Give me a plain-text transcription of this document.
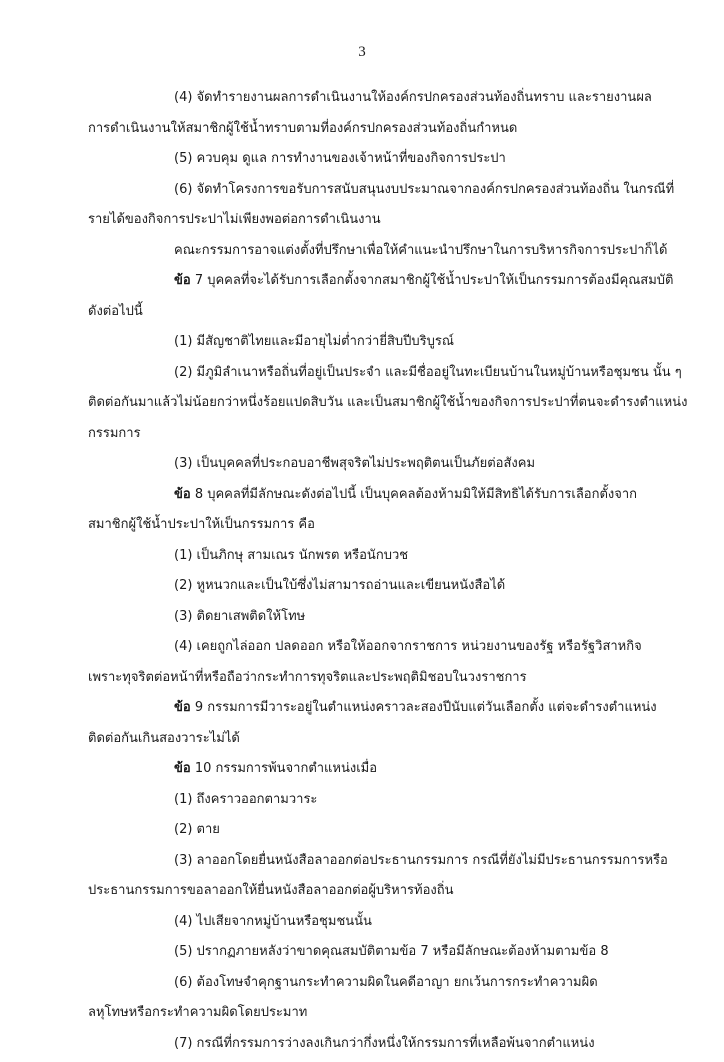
3

(4) จัดทำรายงานผลการดำเนินงานให้องค์กรปกครองส่วนท้องถิ่นทราบ และรายงานผล

การดำเนินงานให้สมาชิกผู้ใช้น้ำทราบตามที่องค์กรปกครองส่วนท้องถิ่นกำหนด

(5) ควบคุม ดูแล การทำงานของเจ้าหน้าที่ของกิจการประปา

(6) จัดทำโครงการขอรับการสนับสนุนงบประมาณจากองค์กรปกครองส่วนท้องถิ่น ในกรณีที่

รายได้ของกิจการประปาไม่เพียงพอต่อการดำเนินงาน

คณะกรรมการอาจแต่งตั้งที่ปรึกษาเพื่อให้คำแนะนำปรึกษาในการบริหารกิจการประปาก็ได้

ข้อ 7 บุคคลที่จะได้รับการเลือกตั้งจากสมาชิกผู้ใช้น้ำประปาให้เป็นกรรมการต้องมีคุณสมบัติ

ดังต่อไปนี้

(1) มีสัญชาติไทยและมีอายุไม่ต่ำกว่ายี่สิบปีบริบูรณ์

(2) มีภูมิลำเนาหรือถิ่นที่อยู่เป็นประจำ และมีชื่ออยู่ในทะเบียนบ้านในหมู่บ้านหรือชุมชน นั้น ๆ

ติดต่อกันมาแล้วไม่น้อยกว่าหนึ่งร้อยแปดสิบวัน และเป็นสมาชิกผู้ใช้น้ำของกิจการประปาที่ตนจะดำรงตำแหน่ง

กรรมการ

(3) เป็นบุคคลที่ประกอบอาชีพสุจริตไม่ประพฤติตนเป็นภัยต่อสังคม

ข้อ 8 บุคคลที่มีลักษณะดังต่อไปนี้ เป็นบุคคลต้องห้ามมิให้มีสิทธิได้รับการเลือกตั้งจาก

สมาชิกผู้ใช้น้ำประปาให้เป็นกรรมการ คือ

(1) เป็นภิกษุ สามเณร นักพรต หรือนักบวช

(2) หูหนวกและเป็นใบ้ซึ่งไม่สามารถอ่านและเขียนหนังสือได้

(3) ติดยาเสพติดให้โทษ

(4) เคยถูกไล่ออก ปลดออก หรือให้ออกจากราชการ หน่วยงานของรัฐ หรือรัฐวิสาหกิจ

เพราะทุจริตต่อหน้าที่หรือถือว่ากระทำการทุจริตและประพฤติมิชอบในวงราชการ

ข้อ 9 กรรมการมีวาระอยู่ในตำแหน่งคราวละสองปีนับแต่วันเลือกตั้ง แต่จะดำรงตำแหน่ง

ติดต่อกันเกินสองวาระไม่ได้

ข้อ 10 กรรมการพ้นจากตำแหน่งเมื่อ

(1) ถึงคราวออกตามวาระ

(2) ตาย

(3) ลาออกโดยยื่นหนังสือลาออกต่อประธานกรรมการ กรณีที่ยังไม่มีประธานกรรมการหรือ

ประธานกรรมการขอลาออกให้ยื่นหนังสือลาออกต่อผู้บริหารท้องถิ่น

(4) ไปเสียจากหมู่บ้านหรือชุมชนนั้น

(5) ปรากฏภายหลังว่าขาดคุณสมบัติตามข้อ 7 หรือมีลักษณะต้องห้ามตามข้อ 8

(6) ต้องโทษจำคุกฐานกระทำความผิดในคดีอาญา ยกเว้นการกระทำความผิด

ลหุโทษหรือกระทำความผิดโดยประมาท

(7) กรณีที่กรรมการว่างลงเกินกว่ากึ่งหนึ่งให้กรรมการที่เหลือพ้นจากตำแหน่ง
